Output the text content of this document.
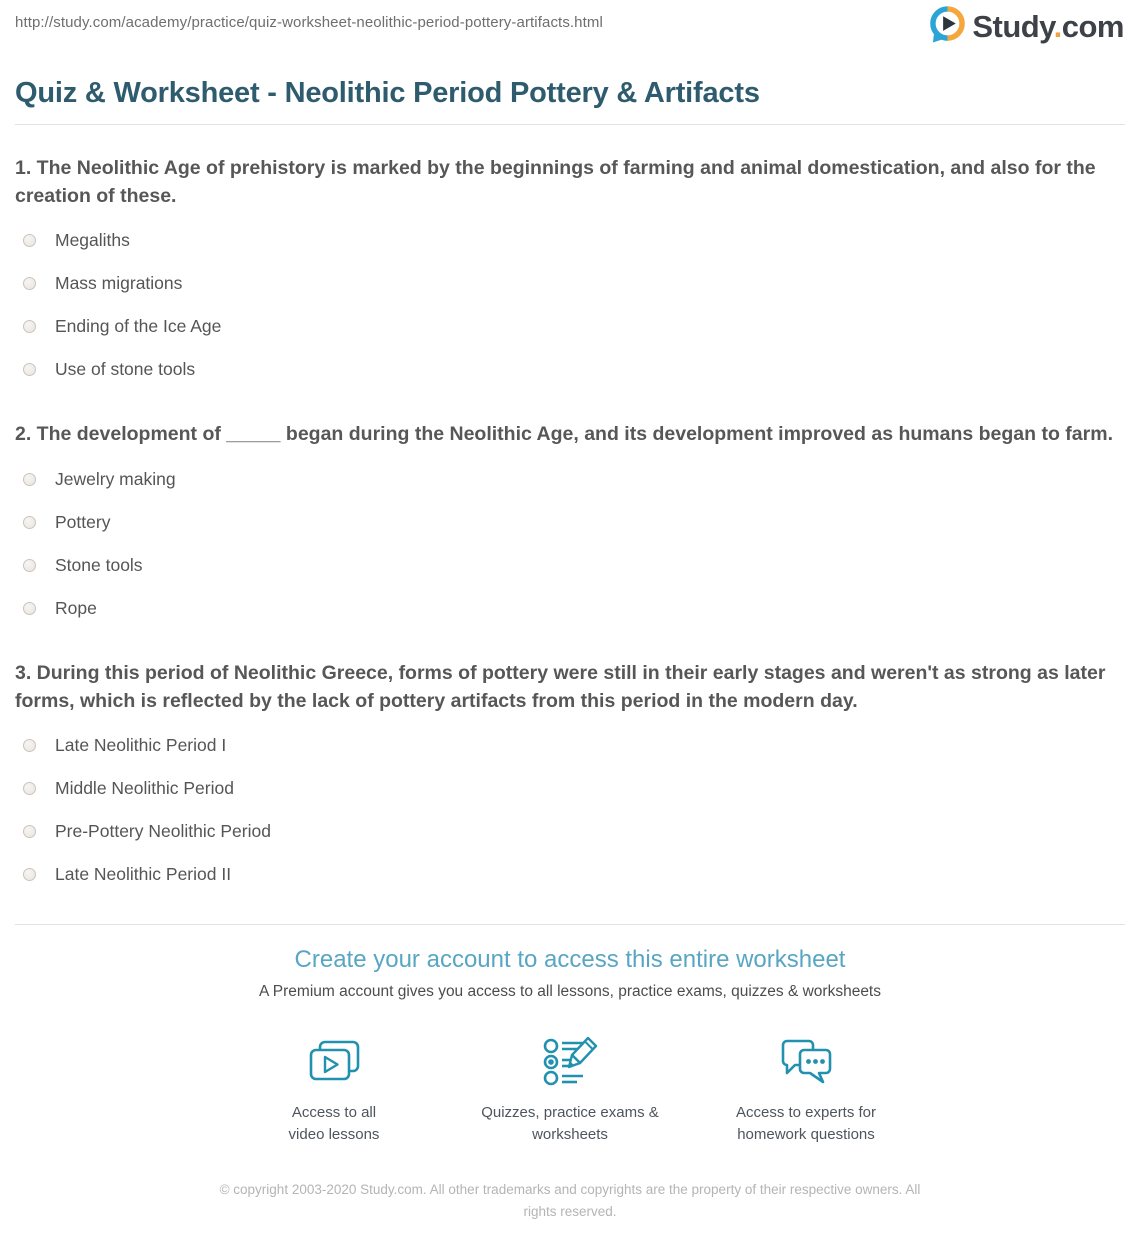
http://study.com/academy/practice/quiz-worksheet-neolithic-period-pottery-artifacts.html	Study.com
Quiz & Worksheet - Neolithic Period Pottery & Artifacts
1. The Neolithic Age of prehistory is marked by the beginnings of farming and animal domestication, and also for the creation of these.
Megaliths
Mass migrations
Ending of the Ice Age
Use of stone tools
2. The development of _____ began during the Neolithic Age, and its development improved as humans began to farm.
Jewelry making
Pottery
Stone tools
Rope
3. During this period of Neolithic Greece, forms of pottery were still in their early stages and weren't as strong as later forms, which is reflected by the lack of pottery artifacts from this period in the modern day.
Late Neolithic Period I
Middle Neolithic Period
Pre-Pottery Neolithic Period
Late Neolithic Period II
Create your account to access this entire worksheet
A Premium account gives you access to all lessons, practice exams, quizzes & worksheets
Access to all video lessons
Quizzes, practice exams & worksheets
Access to experts for homework questions
© copyright 2003-2020 Study.com. All other trademarks and copyrights are the property of their respective owners. All rights reserved.
